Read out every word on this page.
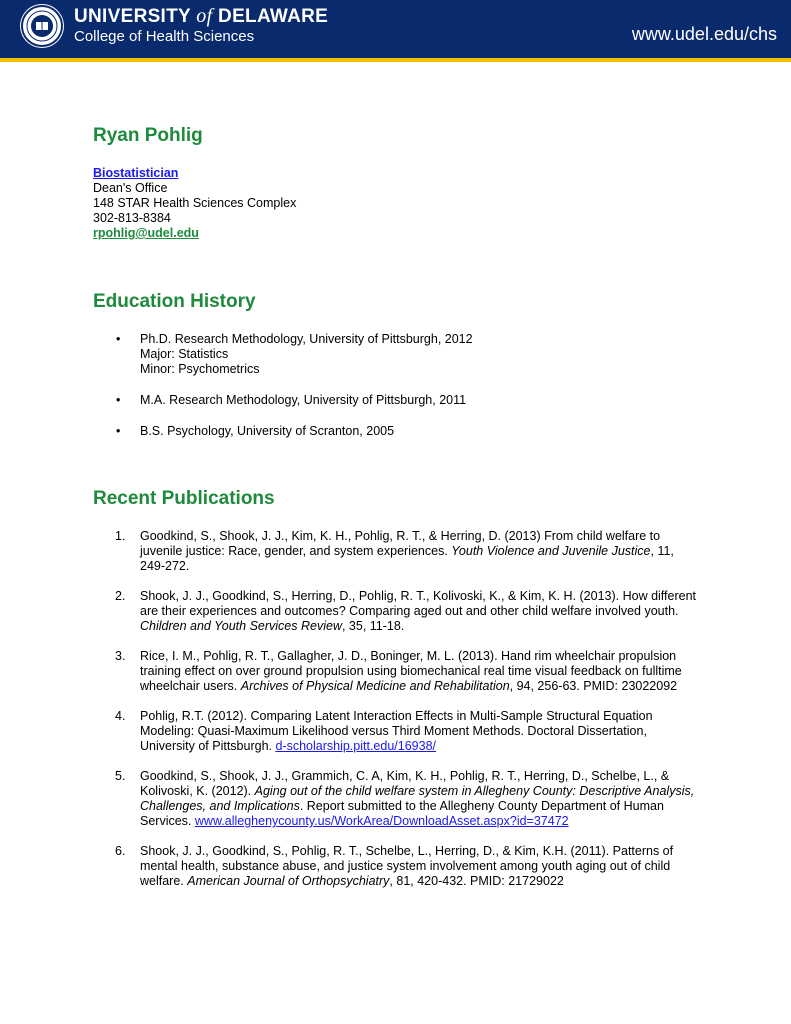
UNIVERSITY of DELAWARE
College of Health Sciences	www.udel.edu/chs
Ryan Pohlig
Biostatistician
Dean's Office
148 STAR Health Sciences Complex
302-813-8384
rpohlig@udel.edu
Education History
• Ph.D. Research Methodology, University of Pittsburgh, 2012
Major: Statistics
Minor: Psychometrics
• M.A. Research Methodology, University of Pittsburgh, 2011
• B.S. Psychology, University of Scranton, 2005
Recent Publications
1. Goodkind, S., Shook, J. J., Kim, K. H., Pohlig, R. T., & Herring, D. (2013) From child welfare to juvenile justice: Race, gender, and system experiences. Youth Violence and Juvenile Justice, 11, 249-272.
2. Shook, J. J., Goodkind, S., Herring, D., Pohlig, R. T., Kolivoski, K., & Kim, K. H. (2013). How different are their experiences and outcomes? Comparing aged out and other child welfare involved youth. Children and Youth Services Review, 35, 11-18.
3. Rice, I. M., Pohlig, R. T., Gallagher, J. D., Boninger, M. L. (2013). Hand rim wheelchair propulsion training effect on over ground propulsion using biomechanical real time visual feedback on fulltime wheelchair users. Archives of Physical Medicine and Rehabilitation, 94, 256-63. PMID: 23022092
4. Pohlig, R.T. (2012). Comparing Latent Interaction Effects in Multi-Sample Structural Equation Modeling: Quasi-Maximum Likelihood versus Third Moment Methods. Doctoral Dissertation, University of Pittsburgh. d-scholarship.pitt.edu/16938/
5. Goodkind, S., Shook, J. J., Grammich, C. A, Kim, K. H., Pohlig, R. T., Herring, D., Schelbe, L., & Kolivoski, K. (2012). Aging out of the child welfare system in Allegheny County: Descriptive Analysis, Challenges, and Implications. Report submitted to the Allegheny County Department of Human Services. www.alleghenycounty.us/WorkArea/DownloadAsset.aspx?id=37472
6. Shook, J. J., Goodkind, S., Pohlig, R. T., Schelbe, L., Herring, D., & Kim, K.H. (2011). Patterns of mental health, substance abuse, and justice system involvement among youth aging out of child welfare. American Journal of Orthopsychiatry, 81, 420-432. PMID: 21729022
